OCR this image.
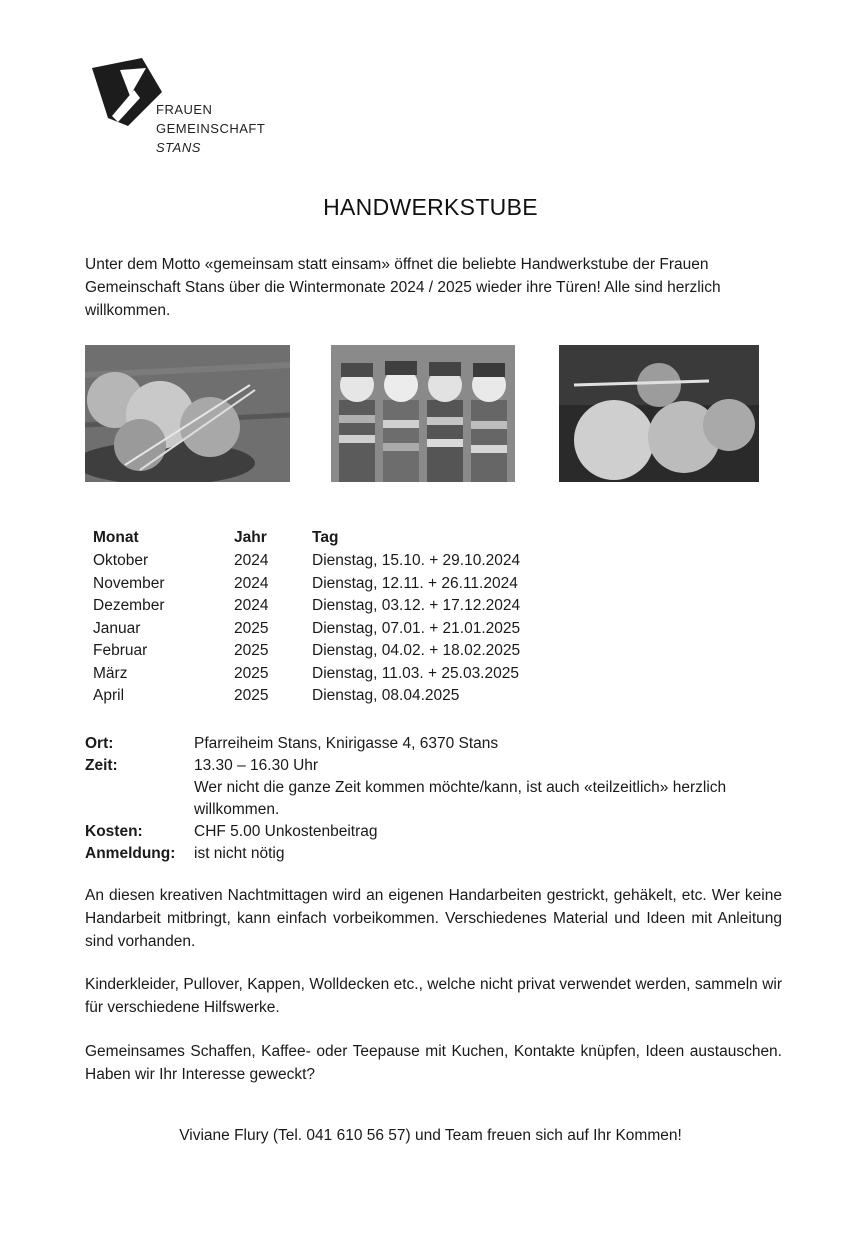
FRAUEN
GEMEINSCHAFT
STANS
HANDWERKSTUBE
Unter dem Motto «gemeinsam statt einsam» öffnet die beliebte Handwerkstube der Frauen Gemeinschaft Stans über die Wintermonate 2024 / 2025 wieder ihre Türen! Alle sind herzlich willkommen.
Monat	Jahr	Tag
Oktober	2024	Dienstag, 15.10. + 29.10.2024
November	2024	Dienstag, 12.11. + 26.11.2024
Dezember	2024	Dienstag, 03.12. + 17.12.2024
Januar	2025	Dienstag, 07.01. + 21.01.2025
Februar	2025	Dienstag, 04.02. + 18.02.2025
März	2025	Dienstag, 11.03. + 25.03.2025
April	2025	Dienstag, 08.04.2025
Ort:	Pfarreiheim Stans, Knirigasse 4, 6370 Stans
Zeit:	13.30 – 16.30 Uhr
Wer nicht die ganze Zeit kommen möchte/kann, ist auch «teilzeitlich» herzlich
willkommen.
Kosten:	CHF 5.00 Unkostenbeitrag
Anmeldung: ist nicht nötig
An diesen kreativen Nachtmittagen wird an eigenen Handarbeiten gestrickt, gehäkelt, etc. Wer keine Handarbeit mitbringt, kann einfach vorbeikommen. Verschiedenes Material und Ideen mit Anleitung sind vorhanden.
Kinderkleider, Pullover, Kappen, Wolldecken etc., welche nicht privat verwendet werden, sammeln wir für verschiedene Hilfswerke.
Gemeinsames Schaffen, Kaffee- oder Teepause mit Kuchen, Kontakte knüpfen, Ideen austauschen. Haben wir Ihr Interesse geweckt?
Viviane Flury (Tel. 041 610 56 57) und Team freuen sich auf Ihr Kommen!
